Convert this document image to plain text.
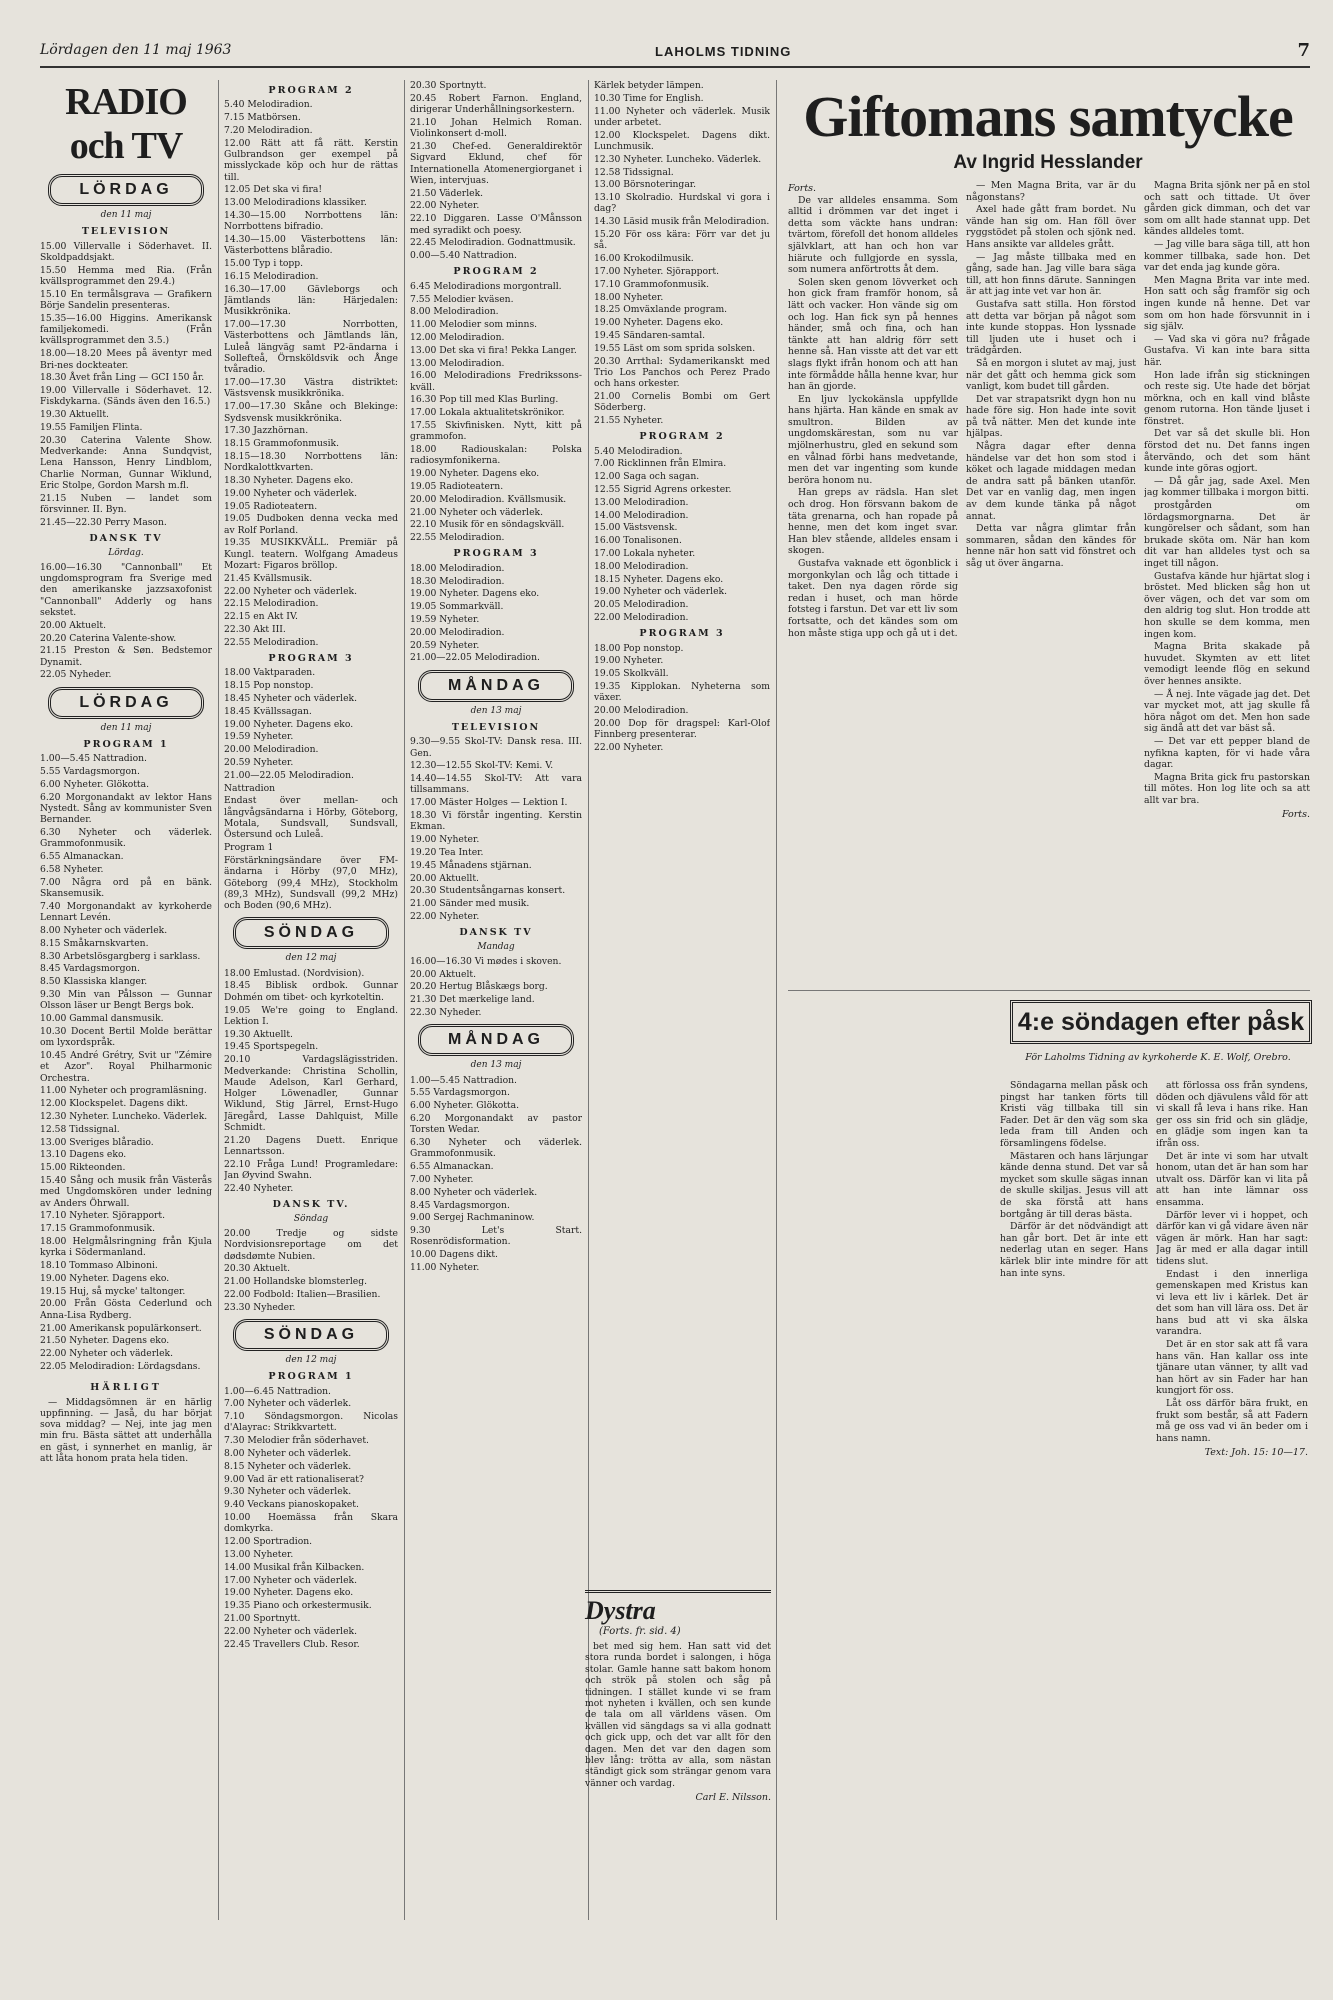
Lördagen den 11 maj 1963	LAHOLMS TIDNING	7
RADIO och TV
LÖRDAG
den 11 maj
TELEVISION
15.00 Villervalle i Söderhavet. II. Skoldpaddsjakt.
15.50 Hemma med Ria. (Från kvällsprogrammet den 29.4.)
15.10 En termålsgrava — Grafikern Börje Sandelin presenteras.
15.35—16.00 Higgins. Amerikansk familjekomedi. (Från kvällsprogrammet den 3.5.)
18.00—18.20 Mees på äventyr med Bri-nes dockteater.
18.30 Åvet från Ling — GCI 150 år.
19.00 Villervalle i Söderhavet. 12. Fiskdykarna. (Sänds även den 16.5.)
19.30 Aktuellt.
19.55 Familjen Flinta.
20.30 Caterina Valente Show. Medverkande: Anna Sundqvist, Lena Hansson, Henry Lindblom, Charlie Norman, Gunnar Wiklund, Eric Stolpe, Gordon Marsh m.fl.
21.15 Nuben — landet som försvinner. II. Byn.
21.45—22.30 Perry Mason.
DANSK TV
Lördag.
16.00—16.30 "Cannonball" Et ungdomsprogram fra Sverige med den amerikanske jazzsaxofonist "Cannonball" Adderly og hans sekstet.
20.00 Aktuelt.
20.20 Caterina Valente-show.
21.15 Preston & Søn. Bedstemor Dynamit.
22.05 Nyheder.
LÖRDAG
den 11 maj
PROGRAM 1
1.00—5.45 Nattradion.
5.55 Vardagsmorgon.
6.00 Nyheter. Glökotta.
6.20 Morgonandakt av lektor Hans Nystedt. Sång av kommunister Sven Bernander.
6.30 Nyheter och väderlek. Grammofonmusik.
6.55 Almanackan.
6.58 Nyheter.
7.00 Några ord på en bänk. Skansemusik.
7.40 Morgonandakt av kyrkoherde Lennart Levén.
8.00 Nyheter och väderlek.
8.15 Småkarnskvarten.
8.30 Arbetslösgargberg i sarklass.
8.45 Vardagsmorgon.
8.50 Klassiska klanger.
9.30 Min van Pålsson — Gunnar Olsson läser ur Bengt Bergs bok.
10.00 Gammal dansmusik.
10.30 Docent Bertil Molde berättar om lyxordspråk.
10.45 André Grétry, Svit ur "Zémire et Azor". Royal Philharmonic Orchestra.
11.00 Nyheter och programläsning.
12.00 Klockspelet. Dagens dikt.
12.30 Nyheter. Luncheko. Väderlek.
12.58 Tidssignal.
13.00 Sveriges blåradio.
13.10 Dagens eko.
15.00 Rikteonden.
15.40 Sång och musik från Västerås med Ungdomskören under ledning av Anders Öhrwall.
17.10 Nyheter. Sjörapport.
17.15 Grammofonmusik.
18.00 Helgmålsringning från Kjula kyrka i Södermanland.
18.10 Tommaso Albinoni.
19.00 Nyheter. Dagens eko.
19.15 Huj, så mycke' taltonger.
20.00 Från Gösta Cederlund och Anna-Lisa Rydberg.
21.00 Amerikansk populärkonsert.
21.50 Nyheter. Dagens eko.
22.00 Nyheter och väderlek.
22.05 Melodiradion: Lördagsdans.
HÄRLIGT

— Middagsömnen är en härlig uppfinning. — Jaså, du har börjat sova middag? — Nej, inte jag men min fru. Bästa sättet att underhålla en gäst, i synnerhet en manlig, är att låta honom prata hela tiden.

PROGRAM 2
5.40 Melodiradion.
7.15 Matbörsen.
7.20 Melodiradion.
12.00 Rätt att få rätt. Kerstin Gulbrandson ger exempel på misslyckade köp och hur de rättas till.
12.05 Det ska vi fira!
13.00 Melodiradions klassiker.
14.30—15.00 Norrbottens län: Norrbottens bifradio.
14.30—15.00 Västerbottens län: Västerbottens blåradio.
15.00 Typ i topp.
16.15 Melodiradion.
16.30—17.00 Gävleborgs och Jämtlands län: Härjedalen: Musikkrönika.
17.00—17.30 Norrbotten, Västerbottens och Jämtlands län, Luleå längväg samt P2-ändarna i Sollefteå, Örnsköldsvik och Ånge tvåradio.
17.00—17.30 Västra distriktet: Västsvensk musikkrönika.
17.00—17.30 Skåne och Blekinge: Sydsvensk musikkrönika.
17.30 Jazzhörnan.
18.15 Grammofonmusik.
18.15—18.30 Norrbottens län: Nordkalottkvarten.
18.30 Nyheter. Dagens eko.
19.00 Nyheter och väderlek.
19.05 Radioteatern.
19.05 Dudboken denna vecka med av Rolf Porland.
19.35 MUSIKKVÄLL. Premiär på Kungl. teatern. Wolfgang Amadeus Mozart: Figaros bröllop.
21.45 Kvällsmusik.
22.00 Nyheter och väderlek.
22.15 Melodiradion.
22.15 en Akt IV.
22.30 Akt III.
22.55 Melodiradion.
PROGRAM 3
18.00 Vaktparaden.
18.15 Pop nonstop.
18.45 Nyheter och väderlek.
18.45 Kvällssagan.
19.00 Nyheter. Dagens eko.
19.59 Nyheter.
20.00 Melodiradion.
20.59 Nyheter.
21.00—22.05 Melodiradion.
Nattradion
Endast över mellan- och långvågsändarna i Hörby, Göteborg, Motala, Sundsvall, Sundsvall, Östersund och Luleå.
Program 1
Förstärkningsändare över FM-ändarna i Hörby (97,0 MHz), Göteborg (99,4 MHz), Stockholm (89,3 MHz), Sundsvall (99,2 MHz) och Boden (90,6 MHz).
SÖNDAG
den 12 maj
18.00 Emlustad. (Nordvision).
18.45 Biblisk ordbok. Gunnar Dohmén om tibet- och kyrkoteltin.
19.05 We're going to England. Lektion I.
19.30 Aktuellt.
19.45 Sportspegeln.
20.10 Vardagslägisstriden. Medverkande: Christina Schollin, Maude Adelson, Karl Gerhard, Holger Löwenadler, Gunnar Wiklund, Stig Järrel, Ernst-Hugo Järegård, Lasse Dahlquist, Mille Schmidt.
21.20 Dagens Duett. Enrique Lennartsson.
22.10 Fråga Lund! Programledare: Jan Øyvind Swahn.
22.40 Nyheter.
DANSK TV.
Söndag
20.00 Tredje og sidste Nordvisionsreportage om det dødsdømte Nubien.
20.30 Aktuelt.
21.00 Hollandske blomsterleg.
22.00 Fodbold: Italien—Brasilien.
23.30 Nyheder.
SÖNDAG
den 12 maj
PROGRAM 1
1.00—6.45 Nattradion.
7.00 Nyheter och väderlek.
7.10 Söndagsmorgon. Nicolas d'Alayrac: Strikkvartett.
7.30 Melodier från söderhavet.
8.00 Nyheter och väderlek.
8.15 Nyheter och väderlek.
9.00 Vad är ett rationaliserat?
9.30 Nyheter och väderlek.
9.40 Veckans pianoskopaket.
10.00 Hoemässa från Skara domkyrka.
12.00 Sportradion.
13.00 Nyheter.
14.00 Musikal från Kilbacken.
17.00 Nyheter och väderlek.
19.00 Nyheter. Dagens eko.
19.35 Piano och orkestermusik.
21.00 Sportnytt.
22.00 Nyheter och väderlek.
22.45 Travellers Club. Resor.
20.30 Sportnytt.
20.45 Robert Farnon. England, dirigerar Underhållningsorkestern.
21.10 Johan Helmich Roman. Violinkonsert d-moll.
21.30 Chef-ed. Generaldirektör Sigvard Eklund, chef för Internationella Atomenergiorganet i Wien, intervjuas.
21.50 Väderlek.
22.00 Nyheter.
22.10 Diggaren. Lasse O'Månsson med syradikt och poesy.
22.45 Melodiradion. Godnattmusik.
0.00—5.40 Nattradion.
PROGRAM 2
6.45 Melodiradions morgontrall.
7.55 Melodier kväsen.
8.00 Melodiradion.
11.00 Melodier som minns.
12.00 Melodiradion.
13.00 Det ska vi fira! Pekka Langer.
13.00 Melodiradion.
16.00 Melodiradions Fredrikssons-kväll.
16.30 Pop till med Klas Burling.
17.00 Lokala aktualitetskrönikor.
17.55 Skivfinisken. Nytt, kitt på grammofon.
18.00 Radiouskalan: Polska radiosymfonikerna.
19.00 Nyheter. Dagens eko.
19.05 Radioteatern.
20.00 Melodiradion. Kvällsmusik.
21.00 Nyheter och väderlek.
22.10 Musik för en söndagskväll.
22.55 Melodiradion.
PROGRAM 3
18.00 Melodiradion.
18.30 Melodiradion.
19.00 Nyheter. Dagens eko.
19.05 Sommarkväll.
19.59 Nyheter.
20.00 Melodiradion.
20.59 Nyheter.
21.00—22.05 Melodiradion.
MÅNDAG
den 13 maj
TELEVISION
9.30—9.55 Skol-TV: Dansk resa. III. Gen.
12.30—12.55 Skol-TV: Kemi. V.
14.40—14.55 Skol-TV: Att vara tillsammans.
17.00 Mäster Holges — Lektion I.
18.30 Vi förstår ingenting. Kerstin Ekman.
19.00 Nyheter.
19.20 Tea Inter.
19.45 Månadens stjärnan.
20.00 Aktuellt.
20.30 Studentsångarnas konsert.
21.00 Sänder med musik.
22.00 Nyheter.
DANSK TV
Mandag
16.00—16.30 Vi mødes i skoven.
20.00 Aktuelt.
20.20 Hertug Blåskægs borg.
21.30 Det mærkelige land.
22.30 Nyheder.
MÅNDAG
den 13 maj
1.00—5.45 Nattradion.
5.55 Vardagsmorgon.
6.00 Nyheter. Glökotta.
6.20 Morgonandakt av pastor Torsten Wedar.
6.30 Nyheter och väderlek. Grammofonmusik.
6.55 Almanackan.
7.00 Nyheter.
8.00 Nyheter och väderlek.
8.45 Vardagsmorgon.
9.00 Sergej Rachmaninow.
9.30 Let's Start. Rosenrödisformation.
10.00 Dagens dikt.
11.00 Nyheter.
Kärlek betyder lämpen.
10.30 Time for English.
11.00 Nyheter och väderlek. Musik under arbetet.
12.00 Klockspelet. Dagens dikt. Lunchmusik.
12.30 Nyheter. Luncheko. Väderlek.
12.58 Tidssignal.
13.00 Börsnoteringar.
13.10 Skolradio. Hurdskal vi gora i dag?
14.30 Läsid musik från Melodiradion.
15.20 För oss kära: Förr var det ju så.
16.00 Krokodilmusik.
17.00 Nyheter. Sjörapport.
17.10 Grammofonmusik.
18.00 Nyheter.
18.25 Omväxlande program.
19.00 Nyheter. Dagens eko.
19.45 Sändaren-samtal.
19.55 Läst om som sprida solsken.
20.30 Arrthal: Sydamerikanskt med Trio Los Panchos och Perez Prado och hans orkester.
21.00 Cornelis Bombi om Gert Söderberg.
21.55 Nyheter.
PROGRAM 2
5.40 Melodiradion.
7.00 Ricklinnen från Elmira.
12.00 Saga och sagan.
12.55 Sigrid Agrens orkester.
13.00 Melodiradion.
14.00 Melodiradion.
15.00 Västsvensk.
16.00 Tonalisonen.
17.00 Lokala nyheter.
18.00 Melodiradion.
18.15 Nyheter. Dagens eko.
19.00 Nyheter och väderlek.
20.05 Melodiradion.
22.00 Melodiradion.
PROGRAM 3
18.00 Pop nonstop.
19.00 Nyheter.
19.05 Skolkväll.
19.35 Kipplokan. Nyheterna som växer.
20.00 Melodiradion.
20.00 Dop för dragspel: Karl-Olof Finnberg presenterar.
22.00 Nyheter.
Dystra
(Forts. fr. sid. 4)

bet med sig hem. Han satt vid det stora runda bordet i salongen, i höga stolar. Gamle hanne satt bakom honom och strök på stolen och såg på tidningen. I stället kunde vi se fram mot nyheten i kvällen, och sen kunde de tala om all världens väsen. Om kvällen vid sängdags sa vi alla godnatt och gick upp, och det var allt för den dagen. Men det var den dagen som blev lång: trötta av alla, som nästan ständigt gick som strängar genom vara vänner och vardag.

Carl E. Nilsson.
Giftomans samtycke
Av Ingrid Hesslander
Forts.

De var alldeles ensamma. Som alltid i drömmen var det inget i detta som väckte hans undran: tvärtom, förefoll det honom alldeles självklart, att han och hon var hiärute och fullgjorde en syssla, som numera anförtrotts åt dem.

Solen sken genom lövverket och hon gick fram framför honom, så lätt och vacker. Hon vände sig om och log. Han fick syn på hennes händer, små och fina, och han tänkte att han aldrig förr sett henne så. Han visste att det var ett slags flykt ifrån honom och att han inte förmådde hålla henne kvar, hur han än gjorde.

En ljuv lyckokänsla uppfyllde hans hjärta. Han kände en smak av smultron. Bilden av ungdomskärestan, som nu var mjölnerhustru, gled en sekund som en vålnad förbi hans medvetande, men det var ingenting som kunde beröra honom nu.

Han greps av rädsla. Han slet och drog. Hon försvann bakom de täta grenarna, och han ropade på henne, men det kom inget svar. Han blev stående, alldeles ensam i skogen.

Gustafva vaknade ett ögonblick i morgonkylan och låg och tittade i taket. Den nya dagen rörde sig redan i huset, och man hörde fotsteg i farstun. Det var ett liv som fortsatte, och det kändes som om hon måste stiga upp och gå ut i det.

— Men Magna Brita, var är du någonstans?

Axel hade gått fram bordet. Nu vände han sig om. Han föll över ryggstödet på stolen och sjönk ned. Hans ansikte var alldeles grått.

— Jag måste tillbaka med en gång, sade han. Jag ville bara säga till, att hon finns därute. Sanningen är att jag inte vet var hon är.

Gustafva satt stilla. Hon förstod att detta var början på något som inte kunde stoppas. Hon lyssnade till ljuden ute i huset och i trädgården.

Så en morgon i slutet av maj, just när det gått och hemma gick som vanligt, kom budet till gården.

Det var strapatsrikt dygn hon nu hade före sig. Hon hade inte sovit på två nätter. Men det kunde inte hjälpas.

Några dagar efter denna händelse var det hon som stod i köket och lagade middagen medan de andra satt på bänken utanför. Det var en vanlig dag, men ingen av dem kunde tänka på något annat.

Detta var några glimtar från sommaren, sådan den kändes för henne när hon satt vid fönstret och såg ut över ängarna.

Magna Brita sjönk ner på en stol och satt och tittade. Ut över gården gick dimman, och det var som om allt hade stannat upp. Det kändes alldeles tomt.

— Jag ville bara säga till, att hon kommer tillbaka, sade hon. Det var det enda jag kunde göra.

Men Magna Brita var inte med. Hon satt och såg framför sig och ingen kunde nå henne. Det var som om hon hade försvunnit in i sig själv.

— Vad ska vi göra nu? frågade Gustafva. Vi kan inte bara sitta här.

Hon lade ifrån sig stickningen och reste sig. Ute hade det börjat mörkna, och en kall vind blåste genom rutorna. Hon tände ljuset i fönstret.

Det var så det skulle bli. Hon förstod det nu. Det fanns ingen återvändo, och det som hänt kunde inte göras ogjort.

— Då går jag, sade Axel. Men jag kommer tillbaka i morgon bitti.

prostgården om lördagsmorgnarna. Det är kungörelser och sådant, som han brukade sköta om. När han kom dit var han alldeles tyst och sa inget till någon.

Gustafva kände hur hjärtat slog i bröstet. Med blicken såg hon ut över vägen, och det var som om den aldrig tog slut. Hon trodde att hon skulle se dem komma, men ingen kom.

Magna Brita skakade på huvudet. Skymten av ett litet vemodigt leende flög en sekund över hennes ansikte.

— Å nej. Inte vägade jag det. Det var mycket mot, att jag skulle få höra något om det. Men hon sade sig ändå att det var bäst så.

— Det var ett pepper bland de nyfikna kapten, för vi hade våra dagar.

Magna Brita gick fru pastorskan till mötes. Hon log lite och sa att allt var bra.

Forts.
4:e söndagen efter påsk
För Laholms Tidning av kyrkoherde K. E. Wolf, Orebro.

Söndagarna mellan påsk och pingst har tanken förts till Kristi väg tillbaka till sin Fader. Det är den väg som ska leda fram till Anden och församlingens födelse.

Mästaren och hans lärjungar kände denna stund. Det var så mycket som skulle sägas innan de skulle skiljas. Jesus vill att de ska förstå att hans bortgång är till deras bästa.

Därför är det nödvändigt att han går bort. Det är inte ett nederlag utan en seger. Hans kärlek blir inte mindre för att han inte syns.

att förlossa oss från syndens, döden och djävulens våld för att vi skall få leva i hans rike. Han ger oss sin frid och sin glädje, en glädje som ingen kan ta ifrån oss.

Det är inte vi som har utvalt honom, utan det är han som har utvalt oss. Därför kan vi lita på att han inte lämnar oss ensamma.

Därför lever vi i hoppet, och därför kan vi gå vidare även när vägen är mörk. Han har sagt: Jag är med er alla dagar intill tidens slut.

Endast i den innerliga gemenskapen med Kristus kan vi leva ett liv i kärlek. Det är det som han vill lära oss. Det är hans bud att vi ska älska varandra.

Det är en stor sak att få vara hans vän. Han kallar oss inte tjänare utan vänner, ty allt vad han hört av sin Fader har han kungjort för oss.

Låt oss därför bära frukt, en frukt som består, så att Fadern må ge oss vad vi än beder om i hans namn.

Text: Joh. 15: 10—17.
